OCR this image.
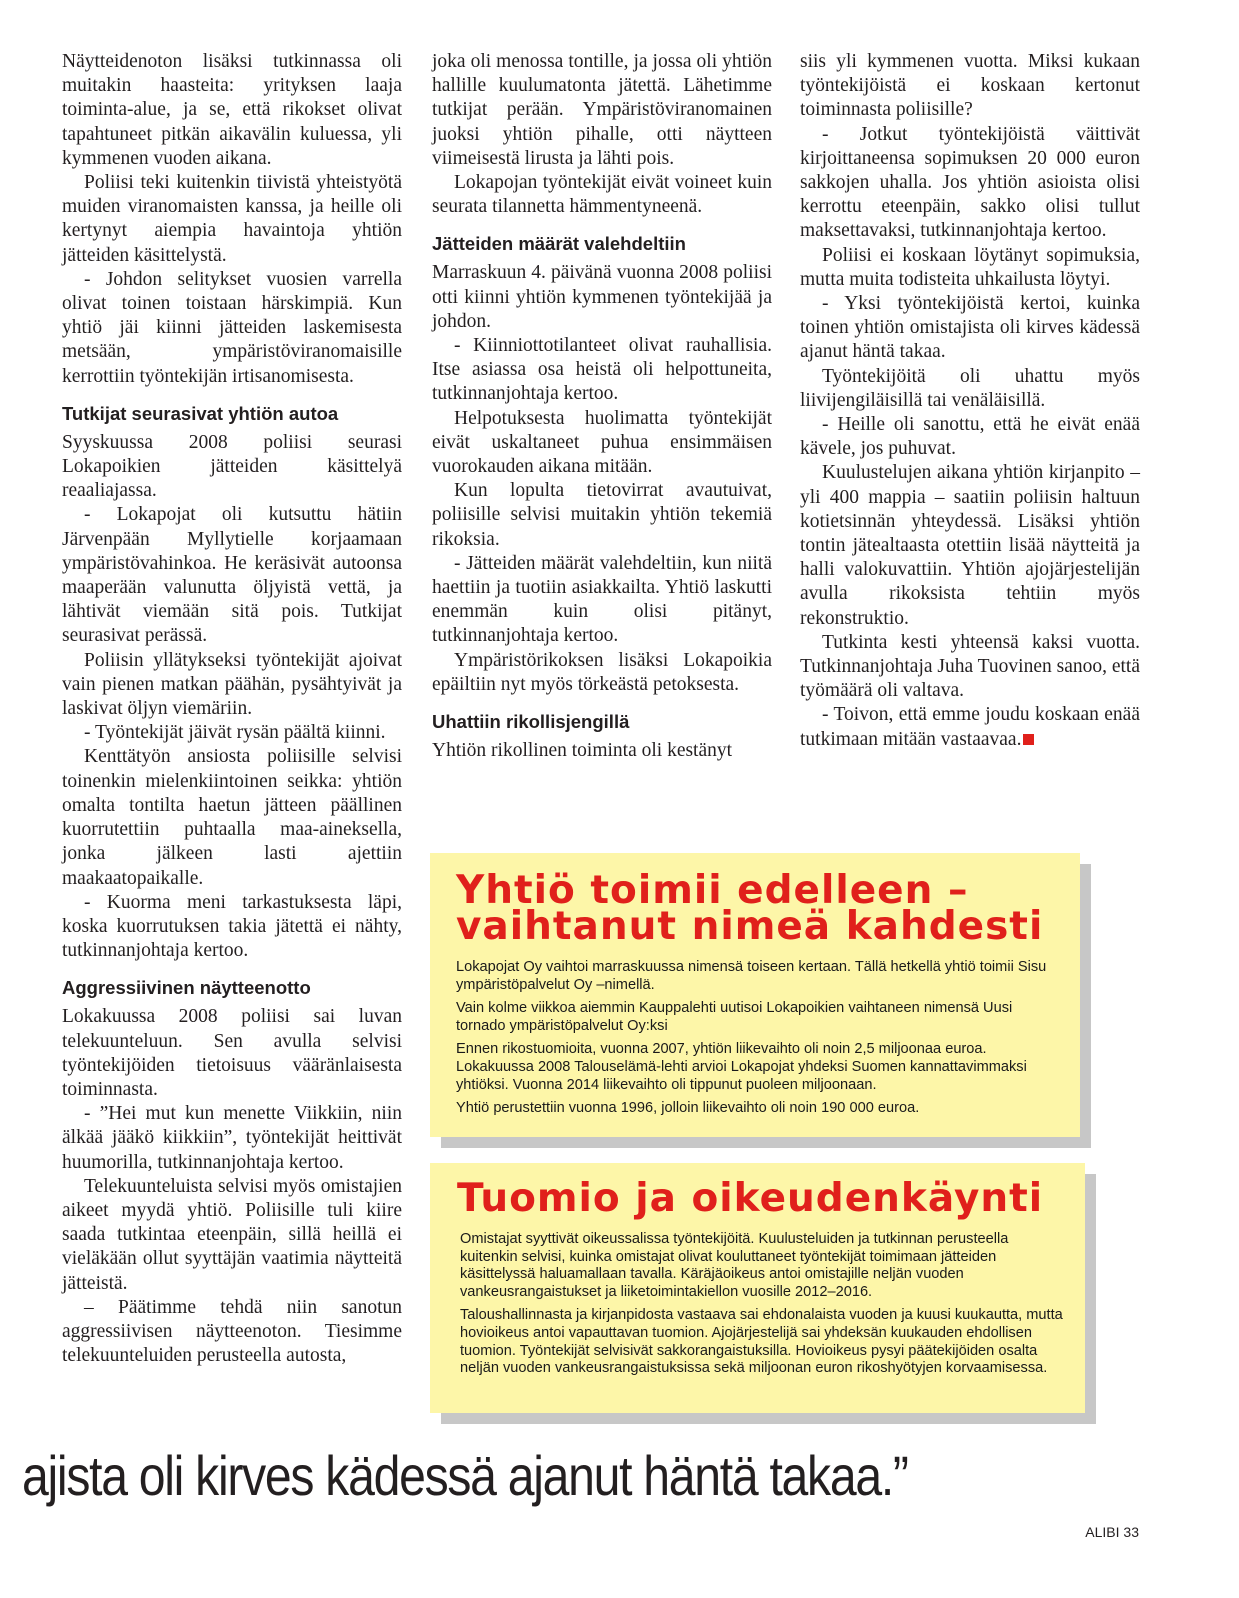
Näytteidenoton lisäksi tutkinnassa oli muitakin haasteita: yrityksen laaja toiminta-alue, ja se, että rikokset olivat tapahtuneet pitkän aikavälin kuluessa, yli kymmenen vuoden aikana.

Poliisi teki kuitenkin tiivistä yhteistyötä muiden viranomaisten kanssa, ja heille oli kertynyt aiempia havaintoja yhtiön jätteiden käsittelystä.

- Johdon selitykset vuosien varrella olivat toinen toistaan härskimpiä. Kun yhtiö jäi kiinni jätteiden laskemisesta metsään, ympäristöviranomaisille kerrottiin työntekijän irtisanomisesta.

Tutkijat seurasivat yhtiön autoa

Syyskuussa 2008 poliisi seurasi Lokapoikien jätteiden käsittelyä reaaliajassa.

- Lokapojat oli kutsuttu hätiin Järvenpään Myllytielle korjaamaan ympäristövahinkoa. He keräsivät autoonsa maaperään valunutta öljyistä vettä, ja lähtivät viemään sitä pois. Tutkijat seurasivat perässä.

Poliisin yllätykseksi työntekijät ajoivat vain pienen matkan päähän, pysähtyivät ja laskivat öljyn viemäriin.

- Työntekijät jäivät rysän päältä kiinni.

Kenttätyön ansiosta poliisille selvisi toinenkin mielenkiintoinen seikka: yhtiön omalta tontilta haetun jätteen päällinen kuorrutettiin puhtaalla maa-aineksella, jonka jälkeen lasti ajettiin maakaatopaikalle.

- Kuorma meni tarkastuksesta läpi, koska kuorrutuksen takia jätettä ei nähty, tutkinnanjohtaja kertoo.

Aggressiivinen näytteenotto

Lokakuussa 2008 poliisi sai luvan telekuunteluun. Sen avulla selvisi työntekijöiden tietoisuus vääränlaisesta toiminnasta.

- ”Hei mut kun menette Viikkiin, niin älkää jääkö kiikkiin”, työntekijät heittivät huumorilla, tutkinnanjohtaja kertoo.

Telekuunteluista selvisi myös omistajien aikeet myydä yhtiö. Poliisille tuli kiire saada tutkintaa eteenpäin, sillä heillä ei vieläkään ollut syyttäjän vaatimia näytteitä jätteistä.

– Päätimme tehdä niin sanotun aggressiivisen näytteenoton. Tiesimme telekuunteluiden perusteella autosta,

joka oli menossa tontille, ja jossa oli yhtiön hallille kuulumatonta jätettä. Lähetimme tutkijat perään. Ympäristöviranomainen juoksi yhtiön pihalle, otti näytteen viimeisestä lirusta ja lähti pois.

Lokapojan työntekijät eivät voineet kuin seurata tilannetta hämmentyneenä.

Jätteiden määrät valehdeltiin

Marraskuun 4. päivänä vuonna 2008 poliisi otti kiinni yhtiön kymmenen työntekijää ja johdon.

- Kiinniottotilanteet olivat rauhallisia. Itse asiassa osa heistä oli helpottuneita, tutkinnanjohtaja kertoo.

Helpotuksesta huolimatta työntekijät eivät uskaltaneet puhua ensimmäisen vuorokauden aikana mitään.

Kun lopulta tietovirrat avautuivat, poliisille selvisi muitakin yhtiön tekemiä rikoksia.

- Jätteiden määrät valehdeltiin, kun niitä haettiin ja tuotiin asiakkailta. Yhtiö laskutti enemmän kuin olisi pitänyt, tutkinnanjohtaja kertoo.

Ympäristörikoksen lisäksi Lokapoikia epäiltiin nyt myös törkeästä petoksesta.

Uhattiin rikollisjengillä

Yhtiön rikollinen toiminta oli kestänyt

siis yli kymmenen vuotta. Miksi kukaan työntekijöistä ei koskaan kertonut toiminnasta poliisille?

- Jotkut työntekijöistä väittivät kirjoittaneensa sopimuksen 20 000 euron sakkojen uhalla. Jos yhtiön asioista olisi kerrottu eteenpäin, sakko olisi tullut maksettavaksi, tutkinnanjohtaja kertoo.

Poliisi ei koskaan löytänyt sopimuksia, mutta muita todisteita uhkailusta löytyi.

- Yksi työntekijöistä kertoi, kuinka toinen yhtiön omistajista oli kirves kädessä ajanut häntä takaa.

Työntekijöitä oli uhattu myös liivijengiläisillä tai venäläisillä.

- Heille oli sanottu, että he eivät enää kävele, jos puhuvat.

Kuulustelujen aikana yhtiön kirjanpito – yli 400 mappia – saatiin poliisin haltuun kotietsinnän yhteydessä. Lisäksi yhtiön tontin jätealtaasta otettiin lisää näytteitä ja halli valokuvattiin. Yhtiön ajojärjestelijän avulla rikoksista tehtiin myös rekonstruktio.

Tutkinta kesti yhteensä kaksi vuotta. Tutkinnanjohtaja Juha Tuovinen sanoo, että työmäärä oli valtava.

- Toivon, että emme joudu koskaan enää tutkimaan mitään vastaavaa.

Yhtiö toimii edelleen –
vaihtanut nimeä kahdesti

Lokapojat Oy vaihtoi marraskuussa nimensä toiseen kertaan. Tällä hetkellä yhtiö toimii Sisu ympäristöpalvelut Oy –nimellä.

Vain kolme viikkoa aiemmin Kauppalehti uutisoi Lokapoikien vaihtaneen nimensä Uusi tornado ympäristöpalvelut Oy:ksi

Ennen rikostuomioita, vuonna 2007, yhtiön liikevaihto oli noin 2,5 miljoonaa euroa. Lokakuussa 2008 Talouselämä-lehti arvioi Lokapojat yhdeksi Suomen kannattavimmaksi yhtiöksi. Vuonna 2014 liikevaihto oli tippunut puoleen miljoonaan.

Yhtiö perustettiin vuonna 1996, jolloin liikevaihto oli noin 190 000 euroa.

Tuomio ja oikeudenkäynti

Omistajat syyttivät oikeussalissa työntekijöitä. Kuulusteluiden ja tutkinnan perusteella kuitenkin selvisi, kuinka omistajat olivat kouluttaneet työntekijät toimimaan jätteiden käsittelyssä haluamallaan tavalla. Käräjäoikeus antoi omistajille neljän vuoden vankeusrangaistukset ja liiketoimintakiellon vuosille 2012–2016.

Taloushallinnasta ja kirjanpidosta vastaava sai ehdonalaista vuoden ja kuusi kuukautta, mutta hovioikeus antoi vapauttavan tuomion. Ajojärjestelijä sai yhdeksän kuukauden ehdollisen tuomion. Työntekijät selvisivät sakkorangaistuksilla. Hovioikeus pysyi päätekijöiden osalta neljän vuoden vankeusrangaistuksissa sekä miljoonan euron rikoshyötyjen korvaamisessa.

ajista oli kirves kädessä ajanut häntä takaa.”
ALIBI 33
